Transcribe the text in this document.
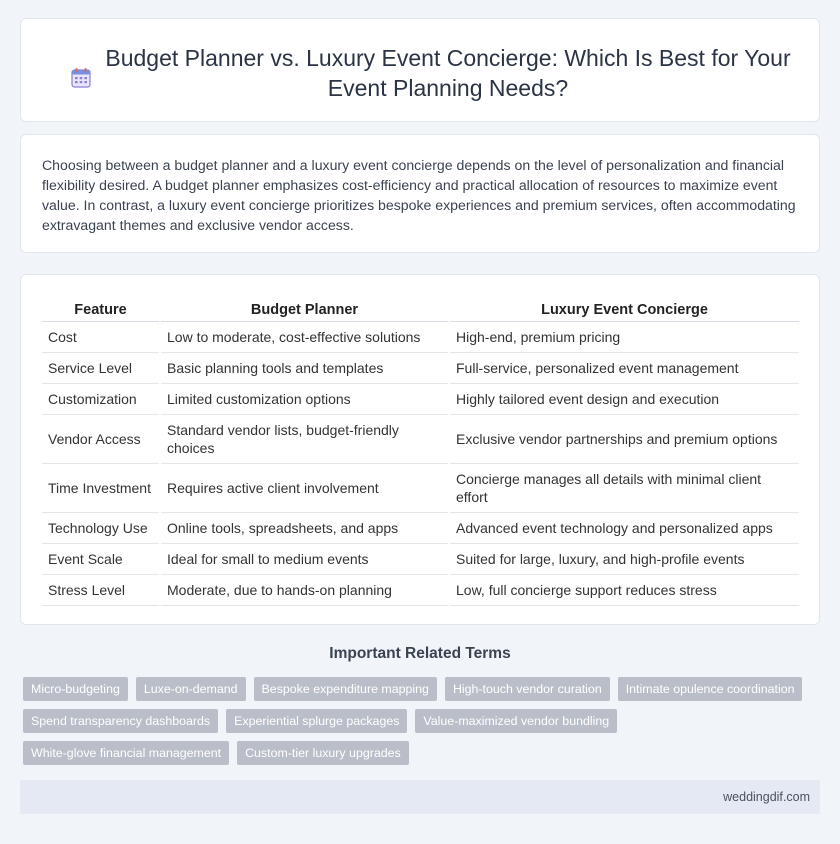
Budget Planner vs. Luxury Event Concierge: Which Is Best for Your Event Planning Needs?

Choosing between a budget planner and a luxury event concierge depends on the level of personalization and financial flexibility desired. A budget planner emphasizes cost-efficiency and practical allocation of resources to maximize event value. In contrast, a luxury event concierge prioritizes bespoke experiences and premium services, often accommodating extravagant themes and exclusive vendor access.

Feature	Budget Planner	Luxury Event Concierge
Cost	Low to moderate, cost-effective solutions	High-end, premium pricing
Service Level	Basic planning tools and templates	Full-service, personalized event management
Customization	Limited customization options	Highly tailored event design and execution
Vendor Access	Standard vendor lists, budget-friendly choices	Exclusive vendor partnerships and premium options
Time Investment	Requires active client involvement	Concierge manages all details with minimal client effort
Technology Use	Online tools, spreadsheets, and apps	Advanced event technology and personalized apps
Event Scale	Ideal for small to medium events	Suited for large, luxury, and high-profile events
Stress Level	Moderate, due to hands-on planning	Low, full concierge support reduces stress
Important Related Terms
Micro-budgeting	Luxe-on-demand	Bespoke expenditure mapping	High-touch vendor curation	Intimate opulence coordination
Spend transparency dashboards	Experiential splurge packages	Value-maximized vendor bundling
White-glove financial management	Custom-tier luxury upgrades
weddingdif.com
